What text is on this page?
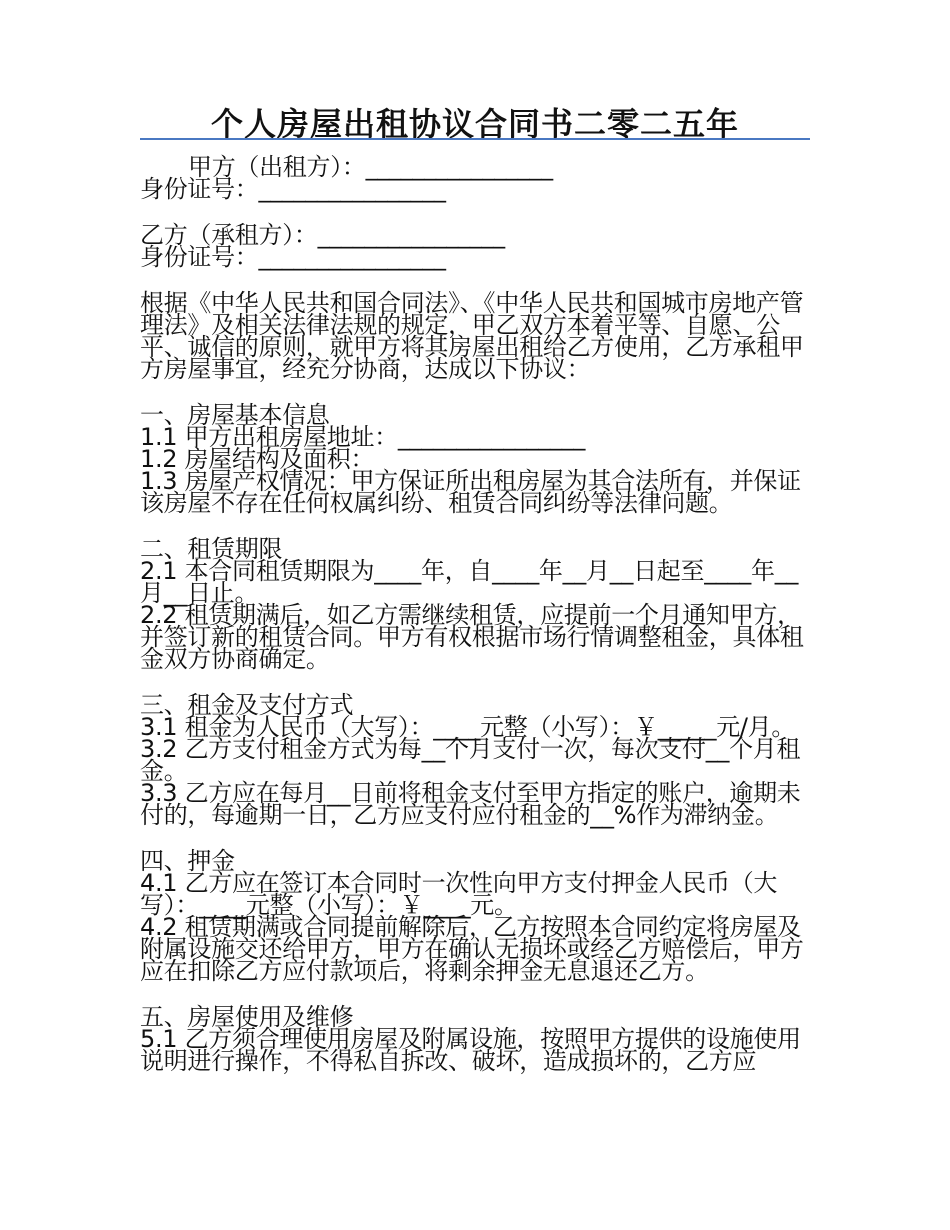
个人房屋出租协议合同书二零二五年

甲方（出租方）：________________

身份证号：________________

乙方（承租方）：________________

身份证号：________________

根据《中华人民共和国合同法》、《中华人民共和国城市房地产管理法》及相关法律法规的规定，甲乙双方本着平等、自愿、公平、诚信的原则，就甲方将其房屋出租给乙方使用，乙方承租甲方房屋事宜，经充分协商，达成以下协议：

一、房屋基本信息

1.1 甲方出租房屋地址：________________

1.2 房屋结构及面积：

1.3 房屋产权情况：甲方保证所出租房屋为其合法所有，并保证该房屋不存在任何权属纠纷、租赁合同纠纷等法律问题。

二、租赁期限

2.1 本合同租赁期限为____年，自____年__月__日起至____年__月__日止。

2.2 租赁期满后，如乙方需继续租赁，应提前一个月通知甲方，并签订新的租赁合同。甲方有权根据市场行情调整租金，具体租金双方协商确定。

三、租金及支付方式

3.1 租金为人民币（大写）：____元整（小写）：￥_____元/月。

3.2 乙方支付租金方式为每__个月支付一次，每次支付__个月租金。

3.3 乙方应在每月__日前将租金支付至甲方指定的账户，逾期未付的，每逾期一日，乙方应支付应付租金的__%作为滞纳金。

四、押金

4.1 乙方应在签订本合同时一次性向甲方支付押金人民币（大写）：____元整（小写）：￥____元。

4.2 租赁期满或合同提前解除后，乙方按照本合同约定将房屋及附属设施交还给甲方，甲方在确认无损坏或经乙方赔偿后，甲方应在扣除乙方应付款项后，将剩余押金无息退还乙方。

五、房屋使用及维修

5.1 乙方须合理使用房屋及附属设施，按照甲方提供的设施使用说明进行操作，不得私自拆改、破坏，造成损坏的，乙方应
